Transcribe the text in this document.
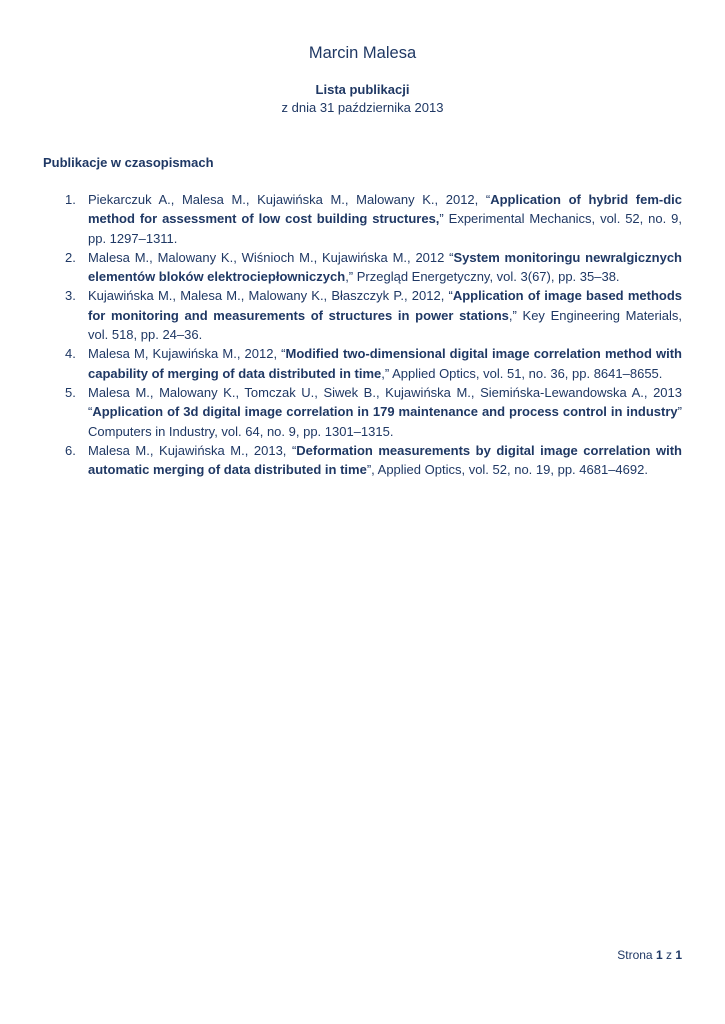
Marcin Malesa
Lista publikacji
z dnia 31 października 2013
Publikacje w czasopismach
1. Piekarczuk A., Malesa M., Kujawińska M., Malowany K., 2012, “Application of hybrid fem-dic method for assessment of low cost building structures,” Experimental Mechanics, vol. 52, no. 9, pp. 1297–1311.
2. Malesa M., Malowany K., Wiśnioch M., Kujawińska M., 2012 “System monitoringu newralgicznych elementów bloków elektrociepłowniczych,” Przegląd Energetyczny, vol. 3(67), pp. 35–38.
3. Kujawińska M., Malesa M., Malowany K., Błaszczyk P., 2012, “Application of image based methods for monitoring and measurements of structures in power stations,” Key Engineering Materials, vol. 518, pp. 24–36.
4. Malesa M, Kujawińska M., 2012, “Modified two-dimensional digital image correlation method with capability of merging of data distributed in time,” Applied Optics, vol. 51, no. 36, pp. 8641–8655.
5. Malesa M., Malowany K., Tomczak U., Siwek B., Kujawińska M., Siemińska-Lewandowska A., 2013 “Application of 3d digital image correlation in 179 maintenance and process control in industry” Computers in Industry, vol. 64, no. 9, pp. 1301–1315.
6. Malesa M., Kujawińska M., 2013, “Deformation measurements by digital image correlation with automatic merging of data distributed in time”, Applied Optics, vol. 52, no. 19, pp. 4681–4692.
Strona 1 z 1
